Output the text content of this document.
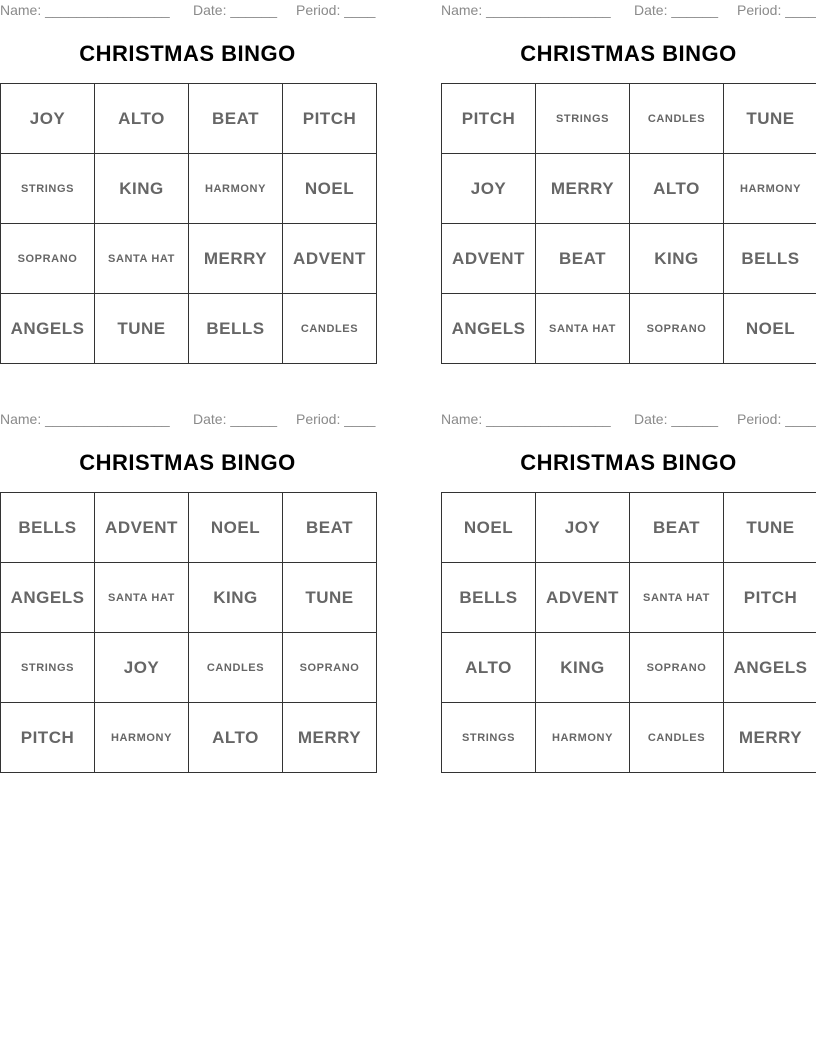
Name: ________________ Date: ______ Period: ____
CHRISTMAS BINGO
JOY	ALTO	BEAT	PITCH
STRINGS	KING	HARMONY	NOEL
SOPRANO	SANTA HAT	MERRY	ADVENT
ANGELS	TUNE	BELLS	CANDLES
Name: ________________ Date: ______ Period: ____
CHRISTMAS BINGO
PITCH	STRINGS	CANDLES	TUNE
JOY	MERRY	ALTO	HARMONY
ADVENT	BEAT	KING	BELLS
ANGELS	SANTA HAT	SOPRANO	NOEL
Name: ________________ Date: ______ Period: ____
CHRISTMAS BINGO
BELLS	ADVENT	NOEL	BEAT
ANGELS	SANTA HAT	KING	TUNE
STRINGS	JOY	CANDLES	SOPRANO
PITCH	HARMONY	ALTO	MERRY
Name: ________________ Date: ______ Period: ____
CHRISTMAS BINGO
NOEL	JOY	BEAT	TUNE
BELLS	ADVENT	SANTA HAT	PITCH
ALTO	KING	SOPRANO	ANGELS
STRINGS	HARMONY	CANDLES	MERRY
